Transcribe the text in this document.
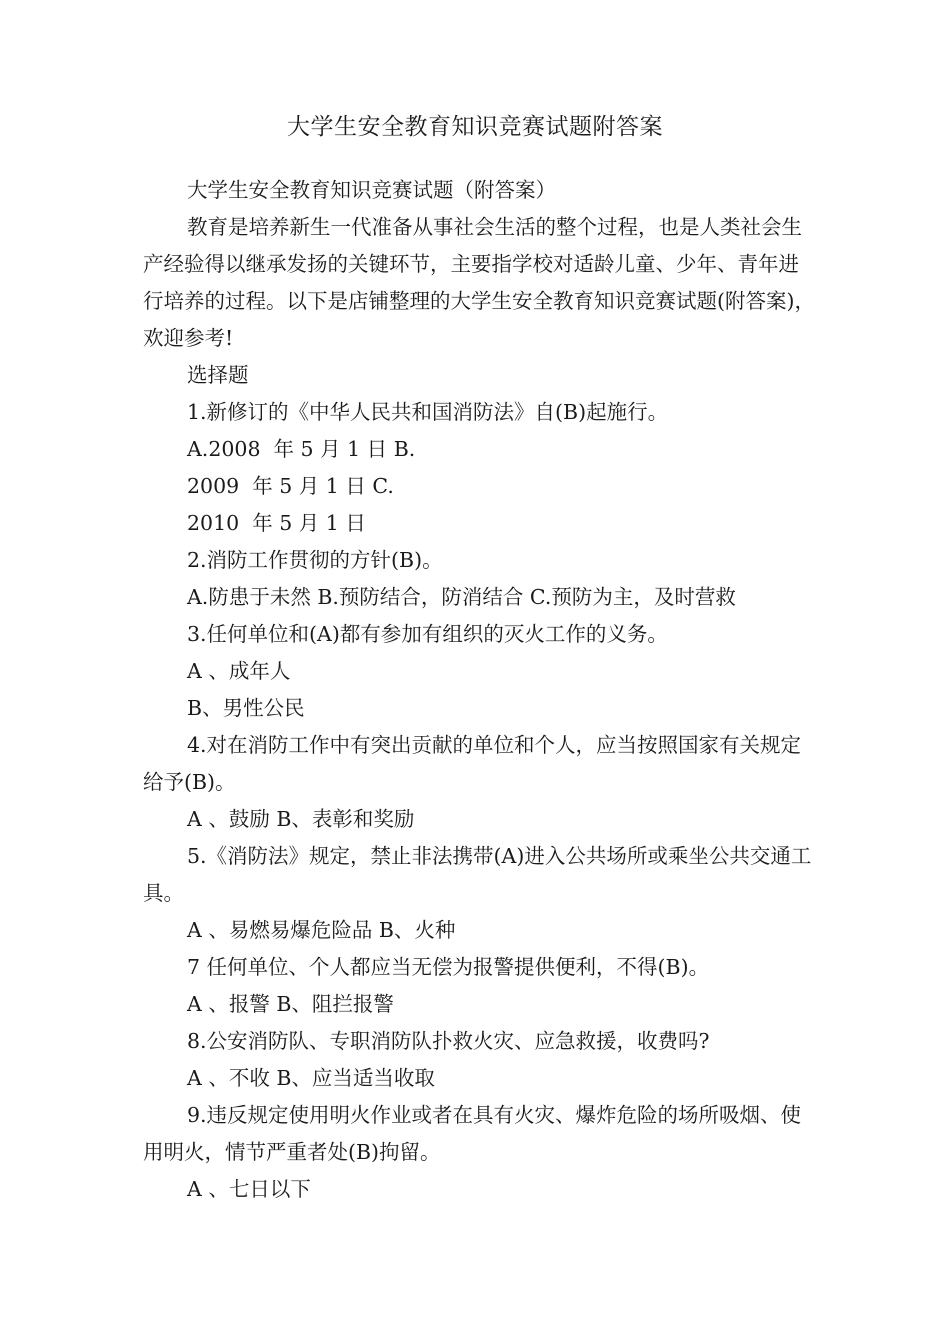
大学生安全教育知识竞赛试题附答案

大学生安全教育知识竞赛试题（附答案）

教育是培养新生一代准备从事社会生活的整个过程，也是人类社会生产经验得以继承发扬的关键环节，主要指学校对适龄儿童、少年、青年进行培养的过程。以下是店铺整理的大学生安全教育知识竞赛试题(附答案)，欢迎参考!

选择题

1.新修订的《中华人民共和国消防法》自(B)起施行。

A.2008  年 5 月 1 日 B.

2009  年 5 月 1 日 C.

2010  年 5 月 1 日

2.消防工作贯彻的方针(B)。

A.防患于未然 B.预防结合，防消结合 C.预防为主，及时营救

3.任何单位和(A)都有参加有组织的灭火工作的义务。

A 、成年人

B、男性公民

4.对在消防工作中有突出贡献的单位和个人，应当按照国家有关规定给予(B)。

A 、鼓励 B、表彰和奖励

5.《消防法》规定，禁止非法携带(A)进入公共场所或乘坐公共交通工具。

A 、易燃易爆危险品 B、火种

7 任何单位、个人都应当无偿为报警提供便利，不得(B)。

A 、报警 B、阻拦报警

8.公安消防队、专职消防队扑救火灾、应急救援，收费吗?

A 、不收 B、应当适当收取

9.违反规定使用明火作业或者在具有火灾、爆炸危险的场所吸烟、使用明火，情节严重者处(B)拘留。

A 、七日以下
